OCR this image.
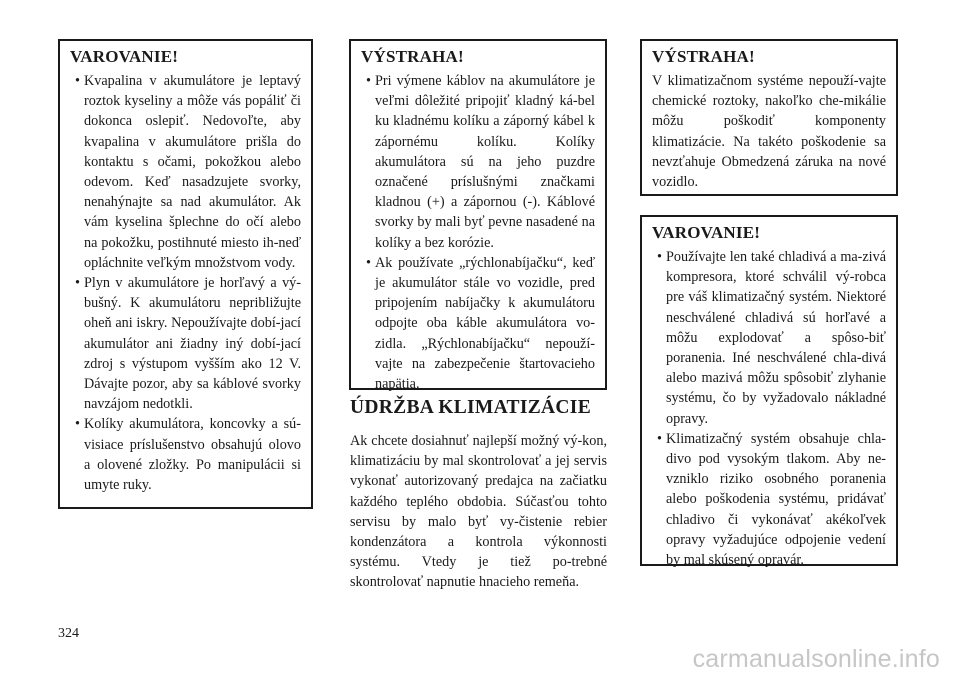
VAROVANIE!
• Kvapalina v akumulátore je leptavý roztok kyseliny a môže vás popáliť či dokonca oslepiť. Nedovoľte, aby kvapalina v akumulátore prišla do kontaktu s očami, pokožkou alebo odevom. Keď nasadzujete svorky, nenahýnajte sa nad akumulátor. Ak vám kyselina šplechne do očí alebo na pokožku, postihnuté miesto ih-neď opláchnite veľkým množstvom vody.
• Plyn v akumulátore je horľavý a vý-bušný. K akumulátoru nepribližujte oheň ani iskry. Nepoužívajte dobí-jací akumulátor ani žiadny iný dobí-jací zdroj s výstupom vyšším ako 12 V. Dávajte pozor, aby sa káblové svorky navzájom nedotkli.
• Kolíky akumulátora, koncovky a sú-visiace príslušenstvo obsahujú olovo a olovené zložky. Po manipulácii si umyte ruky.
VÝSTRAHA!
• Pri výmene káblov na akumulátore je veľmi dôležité pripojiť kladný ká-bel ku kladnému kolíku a záporný kábel k zápornému kolíku. Kolíky akumulátora sú na jeho puzdre označené príslušnými značkami kladnou (+) a zápornou (-). Káblové svorky by mali byť pevne nasadené na kolíky a bez korózie.
• Ak používate „rýchlonabíjačku“, keď je akumulátor stále vo vozidle, pred pripojením nabíjačky k akumulátoru odpojte oba káble akumulátora vo-zidla. „Rýchlonabíjačku“ nepouží-vajte na zabezpečenie štartovacieho napätia.
ÚDRŽBA KLIMATIZÁCIE

Ak chcete dosiahnuť najlepší možný vý-kon, klimatizáciu by mal skontrolovať a jej servis vykonať autorizovaný predajca na začiatku každého teplého obdobia. Súčasťou tohto servisu by malo byť vy-čistenie rebier kondenzátora a kontrola výkonnosti systému. Vtedy je tiež po-trebné skontrolovať napnutie hnacieho remeňa.

VÝSTRAHA!

V klimatizačnom systéme nepouží-vajte chemické roztoky, nakoľko che-mikálie môžu poškodiť komponenty klimatizácie. Na takéto poškodenie sa nevzťahuje Obmedzená záruka na nové vozidlo.

VAROVANIE!
• Používajte len také chladivá a ma-zivá kompresora, ktoré schválil vý-robca pre váš klimatizačný systém. Niektoré neschválené chladivá sú horľavé a môžu explodovať a spôso-biť poranenia. Iné neschválené chla-divá alebo mazivá môžu spôsobiť zlyhanie systému, čo by vyžadovalo nákladné opravy.
• Klimatizačný systém obsahuje chla-divo pod vysokým tlakom. Aby ne-vzniklo riziko osobného poranenia alebo poškodenia systému, pridávať chladivo či vykonávať akékoľvek opravy vyžadujúce odpojenie vedení by mal skúsený opravár.
324
carmanualsonline.info
